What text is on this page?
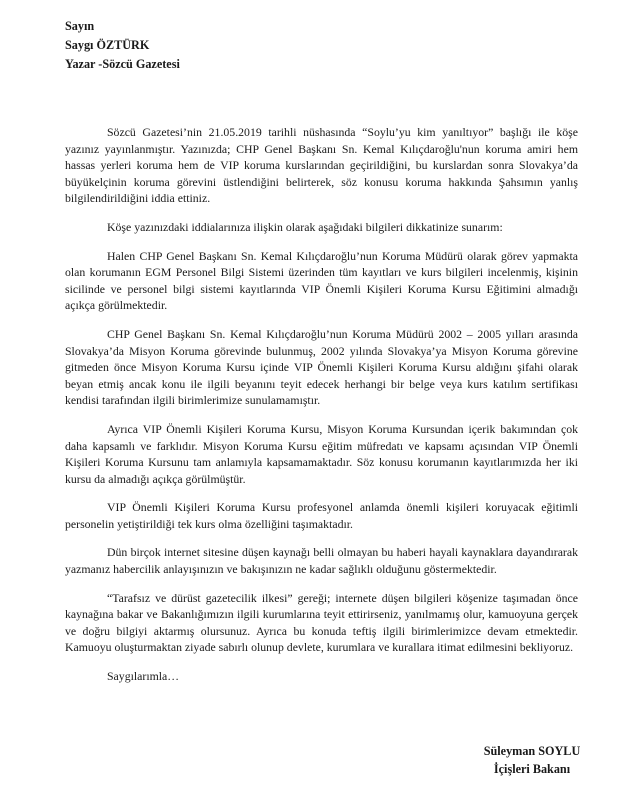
Sayın
Saygı ÖZTÜRK
Yazar -Sözcü Gazetesi

Sözcü Gazetesi’nin 21.05.2019 tarihli nüshasında “Soylu’yu kim yanıltıyor” başlığı ile köşe yazınız yayınlanmıştır. Yazınızda; CHP Genel Başkanı Sn. Kemal Kılıçdaroğlu'nun koruma amiri hem hassas yerleri koruma hem de VIP koruma kurslarından geçirildiğini, bu kurslardan sonra Slovakya’da büyükelçinin koruma görevini üstlendiğini belirterek, söz konusu koruma hakkında Şahsımın yanlış bilgilendirildiğini iddia ettiniz.

Köşe yazınızdaki iddialarınıza ilişkin olarak aşağıdaki bilgileri dikkatinize sunarım:

Halen CHP Genel Başkanı Sn. Kemal Kılıçdaroğlu’nun Koruma Müdürü olarak görev yapmakta olan korumanın EGM Personel Bilgi Sistemi üzerinden tüm kayıtları ve kurs bilgileri incelenmiş, kişinin sicilinde ve personel bilgi sistemi kayıtlarında VIP Önemli Kişileri Koruma Kursu Eğitimini almadığı açıkça görülmektedir.

CHP Genel Başkanı Sn. Kemal Kılıçdaroğlu’nun Koruma Müdürü 2002 – 2005 yılları arasında Slovakya’da Misyon Koruma görevinde bulunmuş, 2002 yılında Slovakya’ya Misyon Koruma görevine gitmeden önce Misyon Koruma Kursu içinde VIP Önemli Kişileri Koruma Kursu aldığını şifahi olarak beyan etmiş ancak konu ile ilgili beyanını teyit edecek herhangi bir belge veya kurs katılım sertifikası kendisi tarafından ilgili birimlerimize sunulamamıştır.

Ayrıca VIP Önemli Kişileri Koruma Kursu, Misyon Koruma Kursundan içerik bakımından çok daha kapsamlı ve farklıdır. Misyon Koruma Kursu eğitim müfredatı ve kapsamı açısından VIP Önemli Kişileri Koruma Kursunu tam anlamıyla kapsamamaktadır. Söz konusu korumanın kayıtlarımızda her iki kursu da almadığı açıkça görülmüştür.

VIP Önemli Kişileri Koruma Kursu profesyonel anlamda önemli kişileri koruyacak eğitimli personelin yetiştirildiği tek kurs olma özelliğini taşımaktadır.

Dün birçok internet sitesine düşen kaynağı belli olmayan bu haberi hayali kaynaklara dayandırarak yazmanız habercilik anlayışınızın ve bakışınızın ne kadar sağlıklı olduğunu göstermektedir.

“Tarafsız ve dürüst gazetecilik ilkesi” gereği; internete düşen bilgileri köşenize taşımadan önce kaynağına bakar ve Bakanlığımızın ilgili kurumlarına teyit ettirirseniz, yanılmamış olur, kamuoyuna gerçek ve doğru bilgiyi aktarmış olursunuz. Ayrıca bu konuda teftiş ilgili birimlerimizce devam etmektedir. Kamuoyu oluşturmaktan ziyade sabırlı olunup devlete, kurumlara ve kurallara itimat edilmesini bekliyoruz.

Saygılarımla…

Süleyman SOYLU
İçişleri Bakanı
